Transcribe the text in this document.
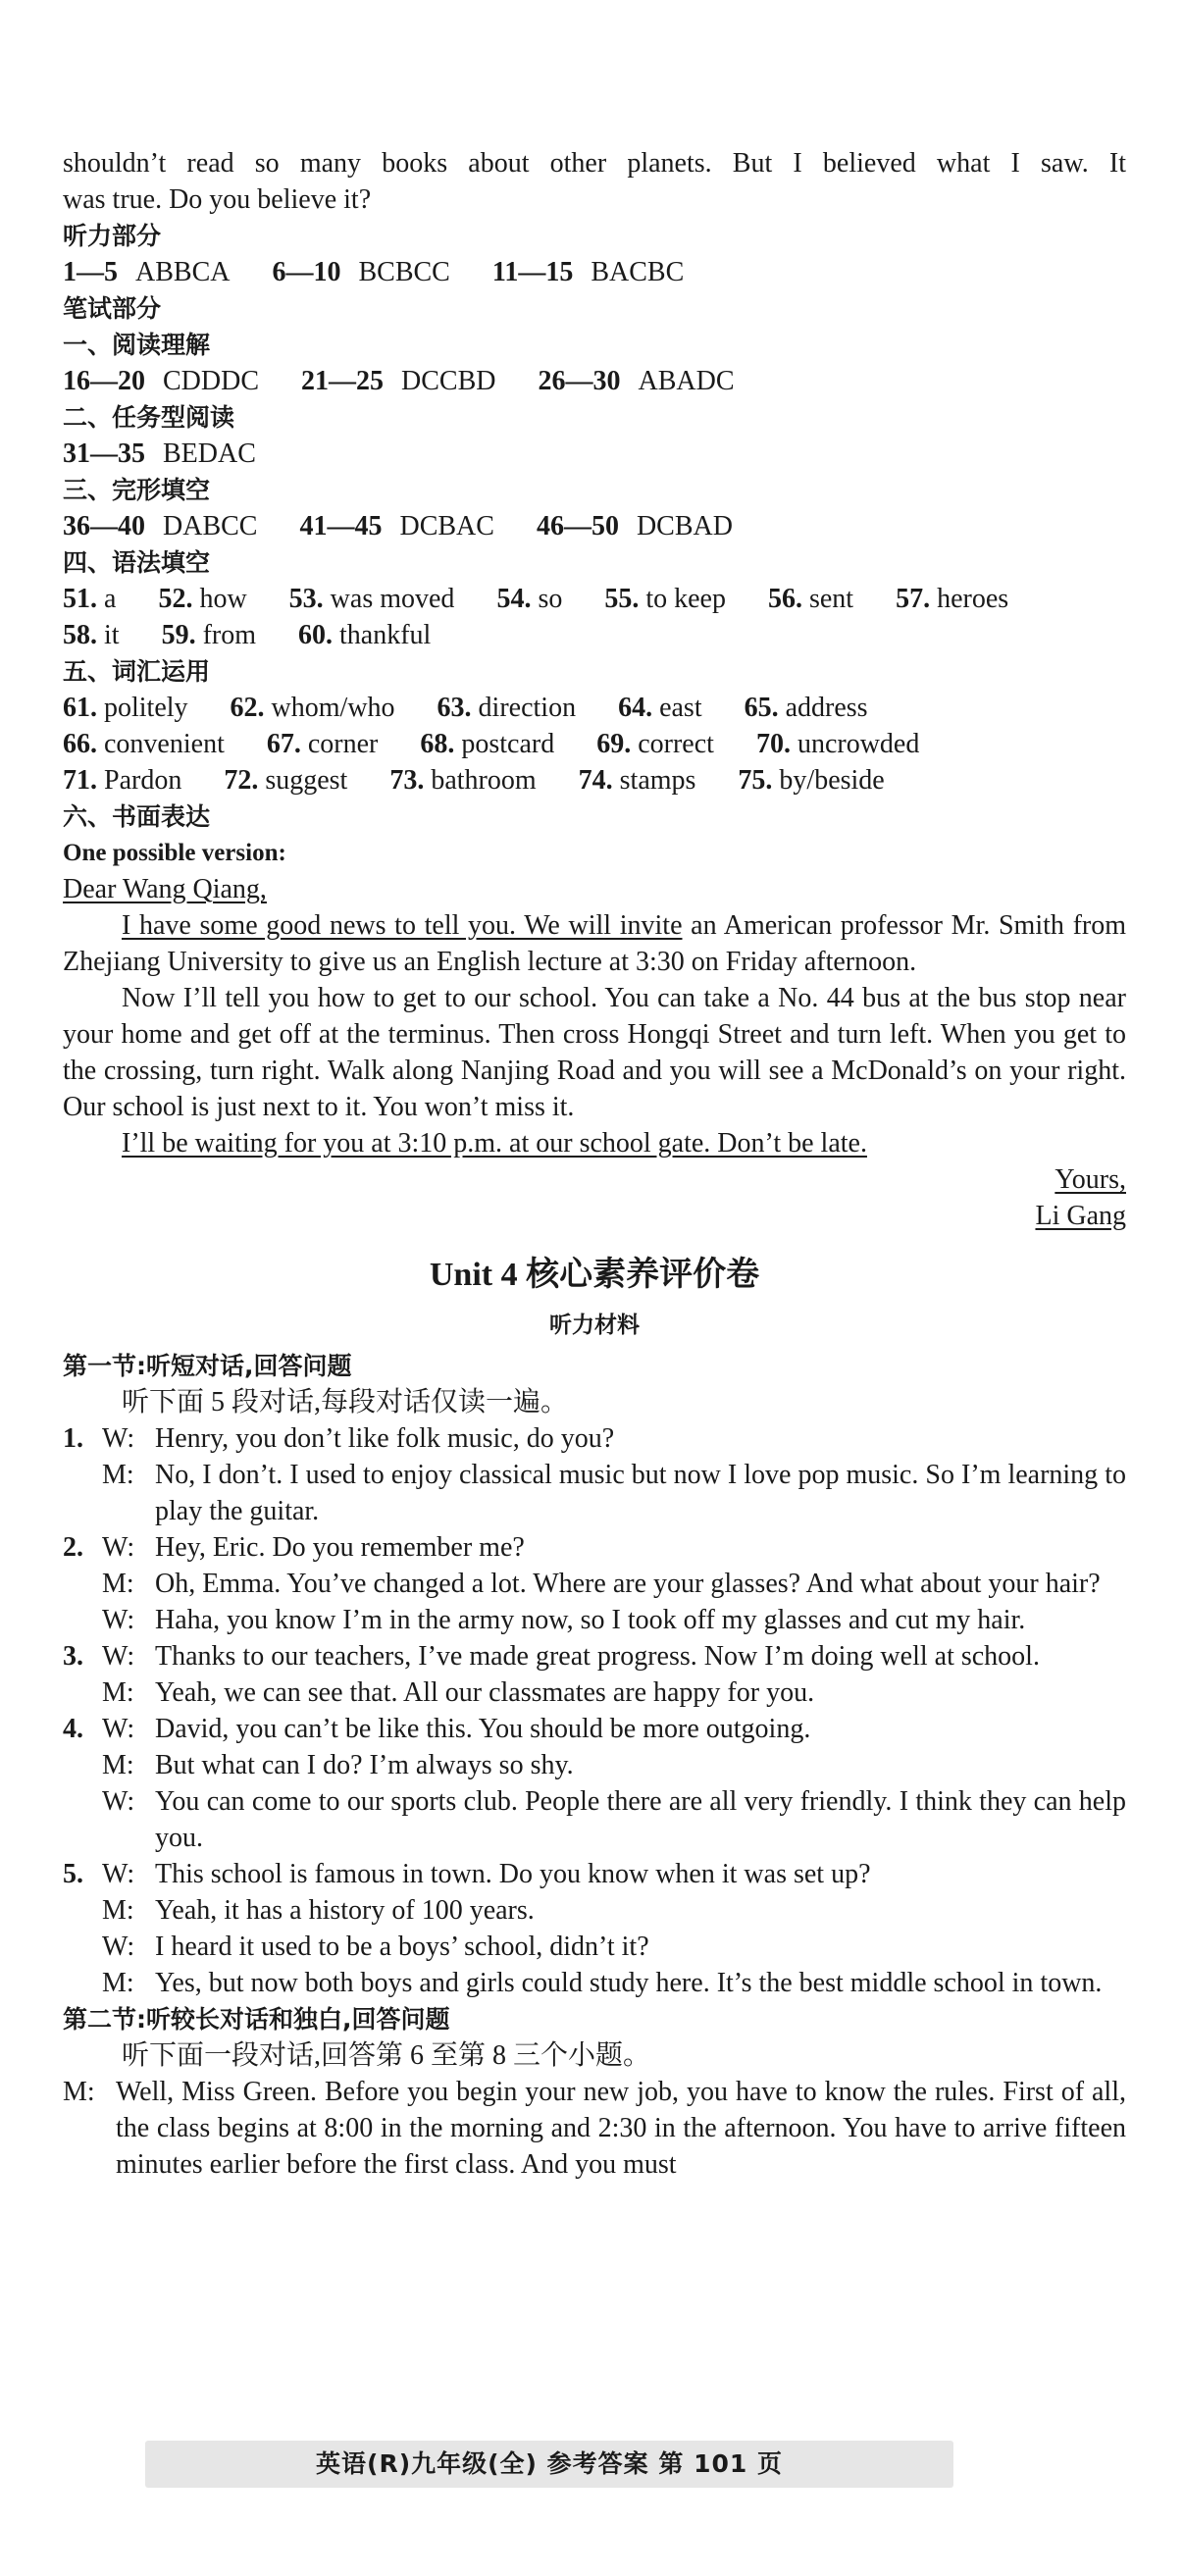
shouldn’t read so many books about other planets. But I believed what I saw. It
was true. Do you believe it?
听力部分
1—5 ABBCA 6—10 BCBCC 11—15 BACBC
笔试部分
一、阅读理解
16—20 CDDDC 21—25 DCCBD 26—30 ABADC
二、任务型阅读
31—35 BEDAC
三、完形填空
36—40 DABCC 41—45 DCBAC 46—50 DCBAD
四、语法填空
51. a 52. how 53. was moved 54. so 55. to keep 56. sent 57. heroes
58. it 59. from 60. thankful
五、词汇运用
61. politely 62. whom/who 63. direction 64. east 65. address
66. convenient 67. corner 68. postcard 69. correct 70. uncrowded
71. Pardon 72. suggest 73. bathroom 74. stamps 75. by/beside
六、书面表达
One possible version:
Dear Wang Qiang,
I have some good news to tell you. We will invite an American professor Mr. Smith from Zhejiang University to give us an English lecture at 3:30 on Friday afternoon.
Now I’ll tell you how to get to our school. You can take a No. 44 bus at the bus stop near your home and get off at the terminus. Then cross Hongqi Street and turn left. When you get to the crossing, turn right. Walk along Nanjing Road and you will see a McDonald’s on your right. Our school is just next to it. You won’t miss it.
I’ll be waiting for you at 3:10 p.m. at our school gate. Don’t be late.
Yours,
Li Gang
Unit 4 核心素养评价卷
听力材料
第一节:听短对话,回答问题
听下面 5 段对话,每段对话仅读一遍。
1. W: Henry, you don’t like folk music, do you?
M: No, I don’t. I used to enjoy classical music but now I love pop music. So I’m learning to play the guitar.
2. W: Hey, Eric. Do you remember me?
M: Oh, Emma. You’ve changed a lot. Where are your glasses? And what about your hair?
W: Haha, you know I’m in the army now, so I took off my glasses and cut my hair.
3. W: Thanks to our teachers, I’ve made great progress. Now I’m doing well at school.
M: Yeah, we can see that. All our classmates are happy for you.
4. W: David, you can’t be like this. You should be more outgoing.
M: But what can I do? I’m always so shy.
W: You can come to our sports club. People there are all very friendly. I think they can help you.
5. W: This school is famous in town. Do you know when it was set up?
M: Yeah, it has a history of 100 years.
W: I heard it used to be a boys’ school, didn’t it?
M: Yes, but now both boys and girls could study here. It’s the best middle school in town.
第二节:听较长对话和独白,回答问题
听下面一段对话,回答第 6 至第 8 三个小题。
M: Well, Miss Green. Before you begin your new job, you have to know the rules. First of all, the class begins at 8:00 in the morning and 2:30 in the afternoon. You have to arrive fifteen minutes earlier before the first class. And you must
英语(R)九年级(全) 参考答案 第 101 页
